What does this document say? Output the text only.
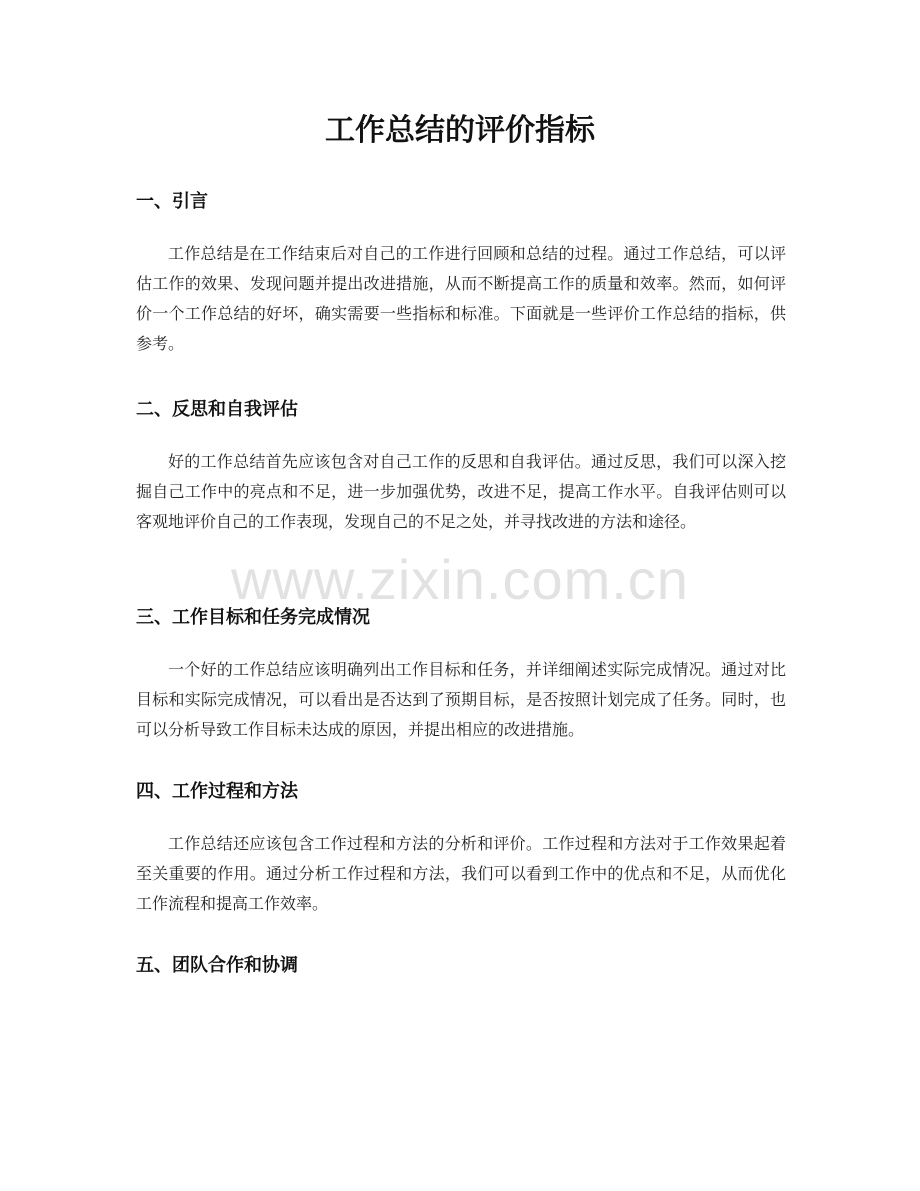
工作总结的评价指标
一、引言

工作总结是在工作结束后对自己的工作进行回顾和总结的过程。通过工作总结，可以评估工作的效果、发现问题并提出改进措施，从而不断提高工作的质量和效率。然而，如何评价一个工作总结的好坏，确实需要一些指标和标准。下面就是一些评价工作总结的指标，供参考。

二、反思和自我评估

好的工作总结首先应该包含对自己工作的反思和自我评估。通过反思，我们可以深入挖掘自己工作中的亮点和不足，进一步加强优势，改进不足，提高工作水平。自我评估则可以客观地评价自己的工作表现，发现自己的不足之处，并寻找改进的方法和途径。

三、工作目标和任务完成情况

一个好的工作总结应该明确列出工作目标和任务，并详细阐述实际完成情况。通过对比目标和实际完成情况，可以看出是否达到了预期目标，是否按照计划完成了任务。同时，也可以分析导致工作目标未达成的原因，并提出相应的改进措施。

四、工作过程和方法

工作总结还应该包含工作过程和方法的分析和评价。工作过程和方法对于工作效果起着至关重要的作用。通过分析工作过程和方法，我们可以看到工作中的优点和不足，从而优化工作流程和提高工作效率。

五、团队合作和协调
www.zixin.com.cn
